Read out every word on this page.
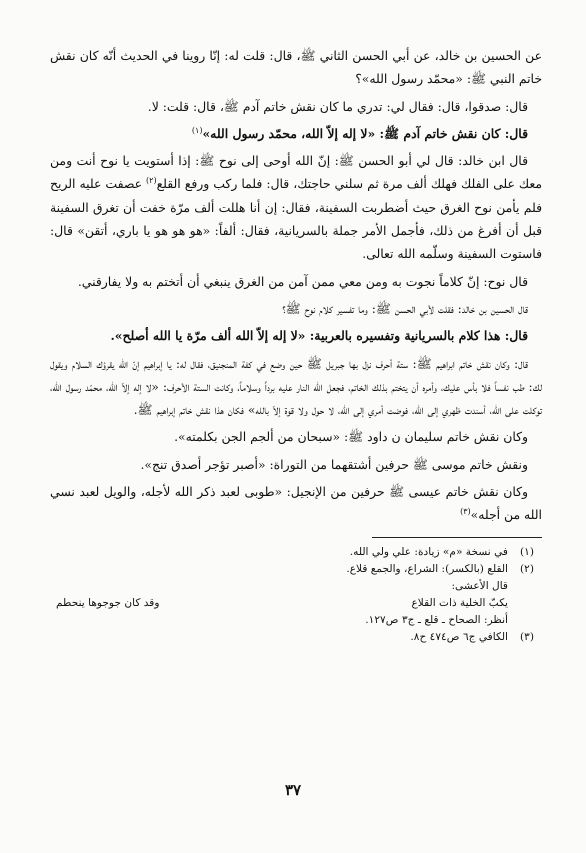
عن الحسين بن خالد، عن أبي الحسن الثاني ﷺ، قال: قلت له: إنّا روينا في الحديث أنّه كان نقش خاتم النبي ﷺ: «محمّد رسول الله»؟

قال: صدقوا، قال: فقال لي: تدري ما كان نقش خاتم آدم ﷺ، قال: قلت: لا.

قال: كان نقش خاتم آدم ﷺ: «لا إله إلاّ الله، محمّد رسول الله»$^{(١)}$

قال ابن خالد: قال لي أبو الحسن ﷺ: إنّ الله أوحى إلى نوح ﷺ: إذا أستويت يا نوح أنت ومن معك على الفلك فهلك ألف مرة ثم سلني حاجتك، قال: فلما ركب ورفع القلع$^{(٢)}$ عصفت عليه الريح فلم يأمن نوح الغرق حيث أضطربت السفينة، فقال: إن أنا هللت ألف مرّة خفت أن تغرق السفينة قبل أن أفرغ من ذلك، فأجمل الأمر جملة بالسريانية، فقال: ألفاً: «هو هو هو يا باري، أتقن» قال: فاستوت السفينة وسلّمه الله تعالى.

قال نوح: إنّ كلاماً نجوت به ومن معي ممن آمن من الغرق ينبغي أن أتختم به ولا يفارقني.

قال الحسين بن خالد: فقلت لأبي الحسن ﷺ: وما تفسير كلام نوح ﷺ؟

قال: هذا كلام بالسريانية وتفسيره بالعربية: «لا إله إلاّ الله ألف مرّة يا الله أصلح».

قال: وكان نقش خاتم ابراهيم ﷺ: ستة أحرف نزل بها جبريل ﷺ حين وضع في كفة المنجنيق، فقال له: يا إبراهيم إنّ الله يقرؤك السلام ويقول لك: طب نفساً فلا بأس عليك، وأمره أن يتختم بذلك الخاتم، فجعل الله النار عليه برداً وسلاماً، وكانت الستة الأحرف: «لا إله إلاّ الله، محمّد رسول الله، توكلت على الله، أسندت ظهري إلى الله، فوضت أمري إلى الله، لا حول ولا قوة إلاّ بالله» فكان هذا نقش خاتم إبراهيم ﷺ.

وكان نقش خاتم سليمان ن داود ﷺ: «سبحان من ألجم الجن بكلمته».

ونقش خاتم موسى ﷺ حرفين أشتقهما من التوراة: «أصبر تؤجر أصدق تنج».

وكان نقش خاتم عيسى ﷺ حرفين من الإنجيل: «طوبى لعبد ذكر الله لأجله، والويل لعبد نسي الله من أجله»$^{(٣)}$

(١)في نسخة «م» زيادة: علي ولي الله.

(٢)القلع (بالكسر): الشراع، والجمع قلاع.

قال الأعشى:

يكبّ الخلية ذات القلاع
وقد كان جوجوها ينحطم

أنظر: الصحاح ـ قلع ـ ج٣ ص١٢٧.

(٣)الكافي ج٦ ص٤٧٤ ح٨.

٣٧
